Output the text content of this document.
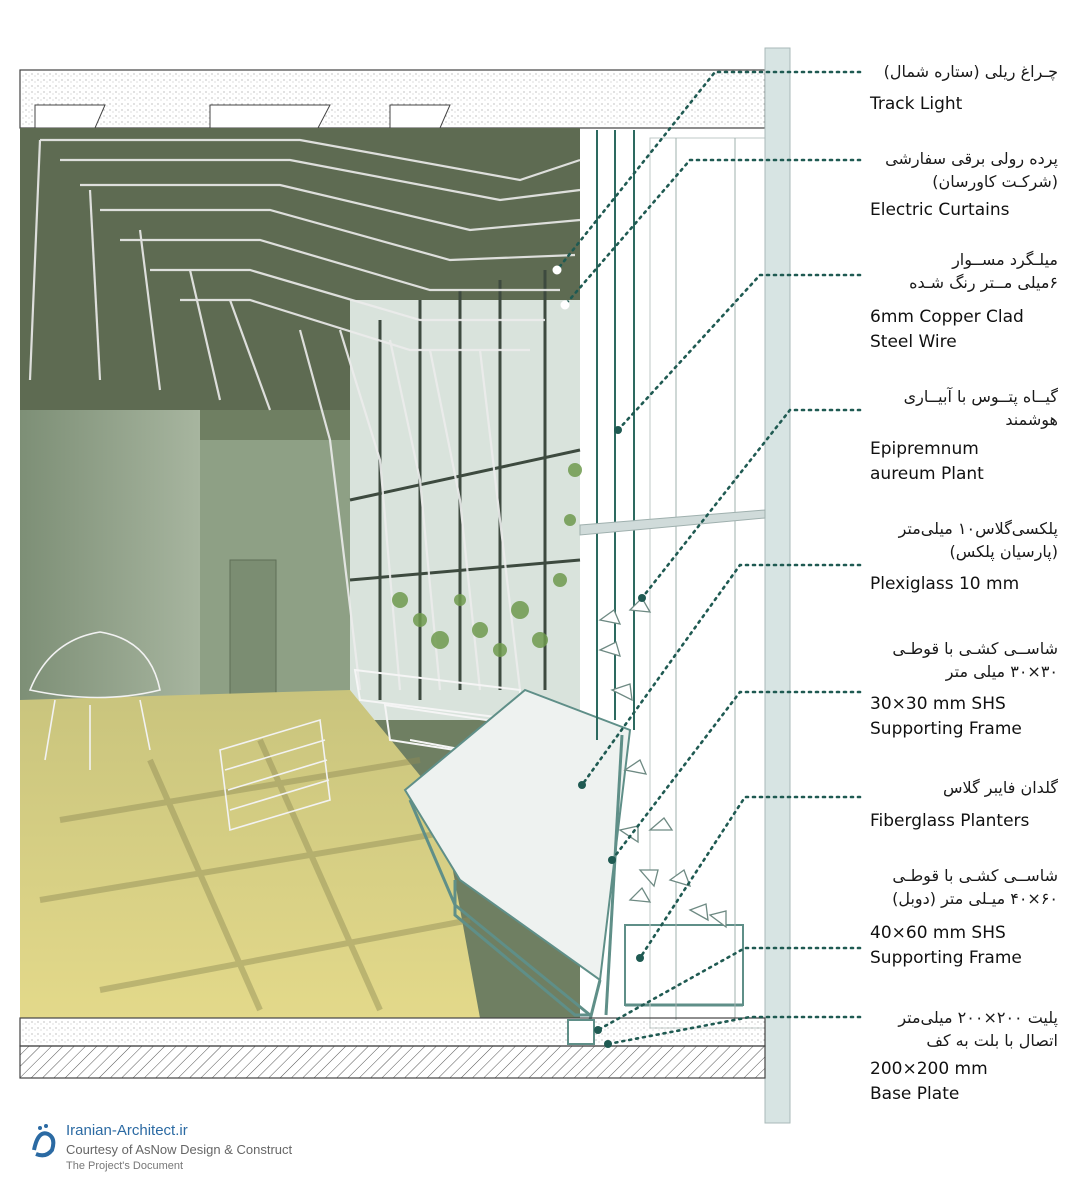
چـراغ ریلی (ستاره شمال)
Track Light
پرده رولی برقی سفارشی
(شرکـت کاورسان)
Electric Curtains
میلـگرد مســوار
۶میلی مــتر رنگ شـده
6mm Copper Clad
Steel Wire
گیــاه پتــوس با آبیــاری
هوشمند
Epipremnum
aureum Plant
پلکسی‌گلاس۱۰ میلی‌متر
(پارسیان پلکس)
Plexiglass 10 mm
شاســی کشـی با قوطـی
۳۰×۳۰ میلی متر
30×30 mm SHS
Supporting Frame
گلدان فایبر گلاس
Fiberglass Planters
شاســی کشـی با قوطـی
۶۰×۴۰ میـلی متر (دوبل)
40×60 mm SHS
Supporting Frame
پلیت ۲۰۰×۲۰۰ میلی‌متر
اتصال با بلت به کف
200×200 mm
Base Plate
Iranian-Architect.ir
Courtesy of AsNow Design & Construct
The Project's Document
